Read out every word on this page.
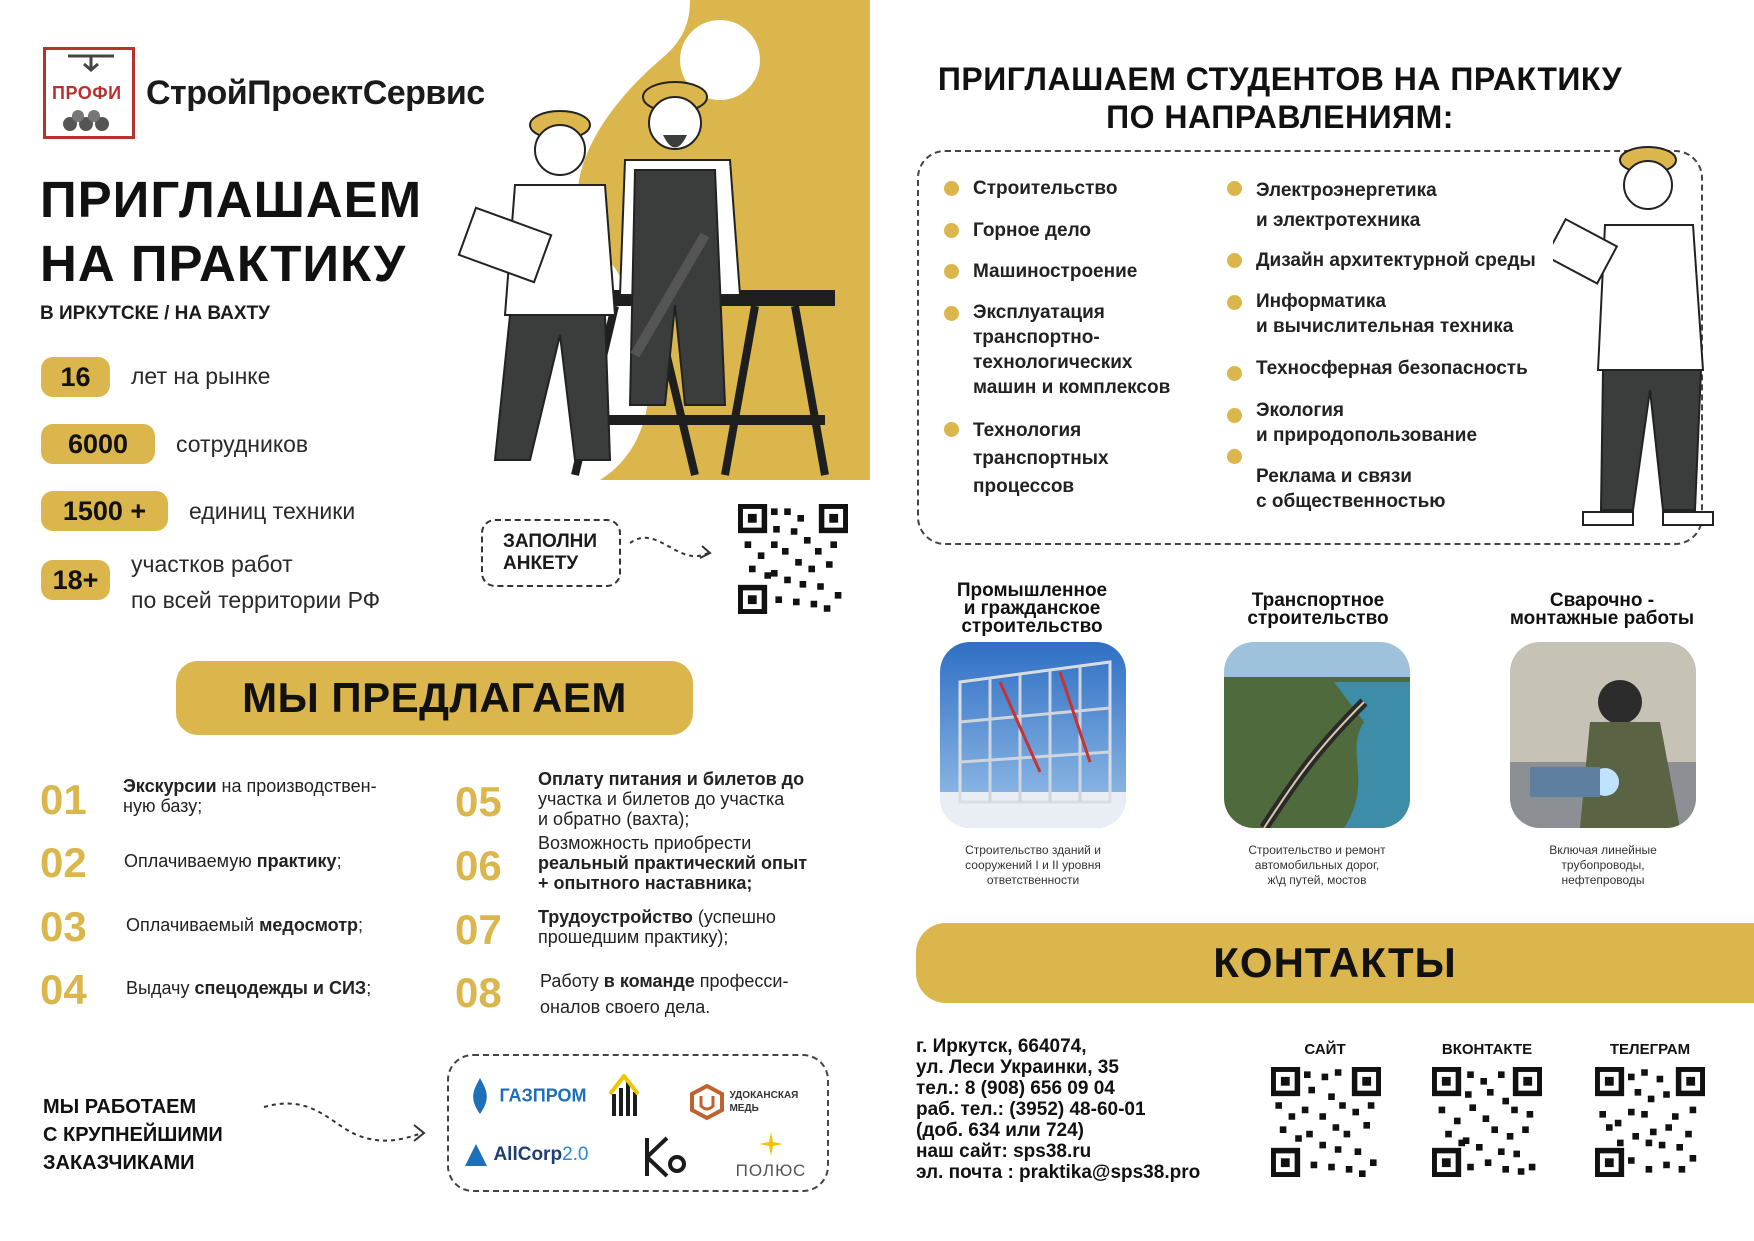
ПРОФИ СтройПроектСервис
ПРИГЛАШАЕМ
НА ПРАКТИКУ
В ИРКУТСКЕ / НА ВАХТУ
16	лет на рынке
6000	сотрудников
1500 +	единиц техники
18+
участков работ
по всей территории РФ
ЗАПОЛНИ
АНКЕТУ
МЫ ПРЕДЛАГАЕМ
01 Экскурсии на производствен-
ную базу;
02 Оплачиваемую практику;
03 Оплачиваемый медосмотр;
04 Выдачу спецодежды и СИЗ;
05 Оплату питания и билетов до
участка и билетов до участка
и обратно (вахта);
06 Возможность приобрести
реальный практический опыт
+ опытного наставника;
07 Трудоустройство (успешно
прошедшим практику);
08 Работу в команде професси-
оналов своего дела.
МЫ РАБОТАЕМ
С КРУПНЕЙШИМИ
ЗАКАЗЧИКАМИ
ГАЗПРОМ
	УДОКАНСКАЯ
МЕДЬ
AllCorp2.0
ПОЛЮС
ПРИГЛАШАЕМ СТУДЕНТОВ НА ПРАКТИКУ
ПО НАПРАВЛЕНИЯМ:
Строительство
Горное дело
Машиностроение
Эксплуатация
транспортно-
технологических
машин и комплексов
Технология
транспортных
процессов
Электроэнергетика
и электротехника
Дизайн архитектурной среды
Информатика
и вычислительная техника
Техносферная безопасность
Экология
и природопользование
Реклама и связи
с общественностью
Промышленное
и гражданское
строительство
Транспортное
строительство
Сварочно -
монтажные работы
Строительство зданий и
сооружений I и II уровня
ответственности
Строительство и ремонт
автомобильных дорог,
ж\д путей, мостов
Включая линейные
трубопроводы,
нефтепроводы
КОНТАКТЫ
г. Иркутск, 664074,
ул. Леси Украинки, 35
тел.: 8 (908) 656 09 04
раб. тел.: (3952) 48-60-01
(доб. 634 или 724)
наш сайт: sps38.ru
эл. почта : praktika@sps38.pro
САЙТ	ВКОНТАКТЕ	ТЕЛЕГРАМ
